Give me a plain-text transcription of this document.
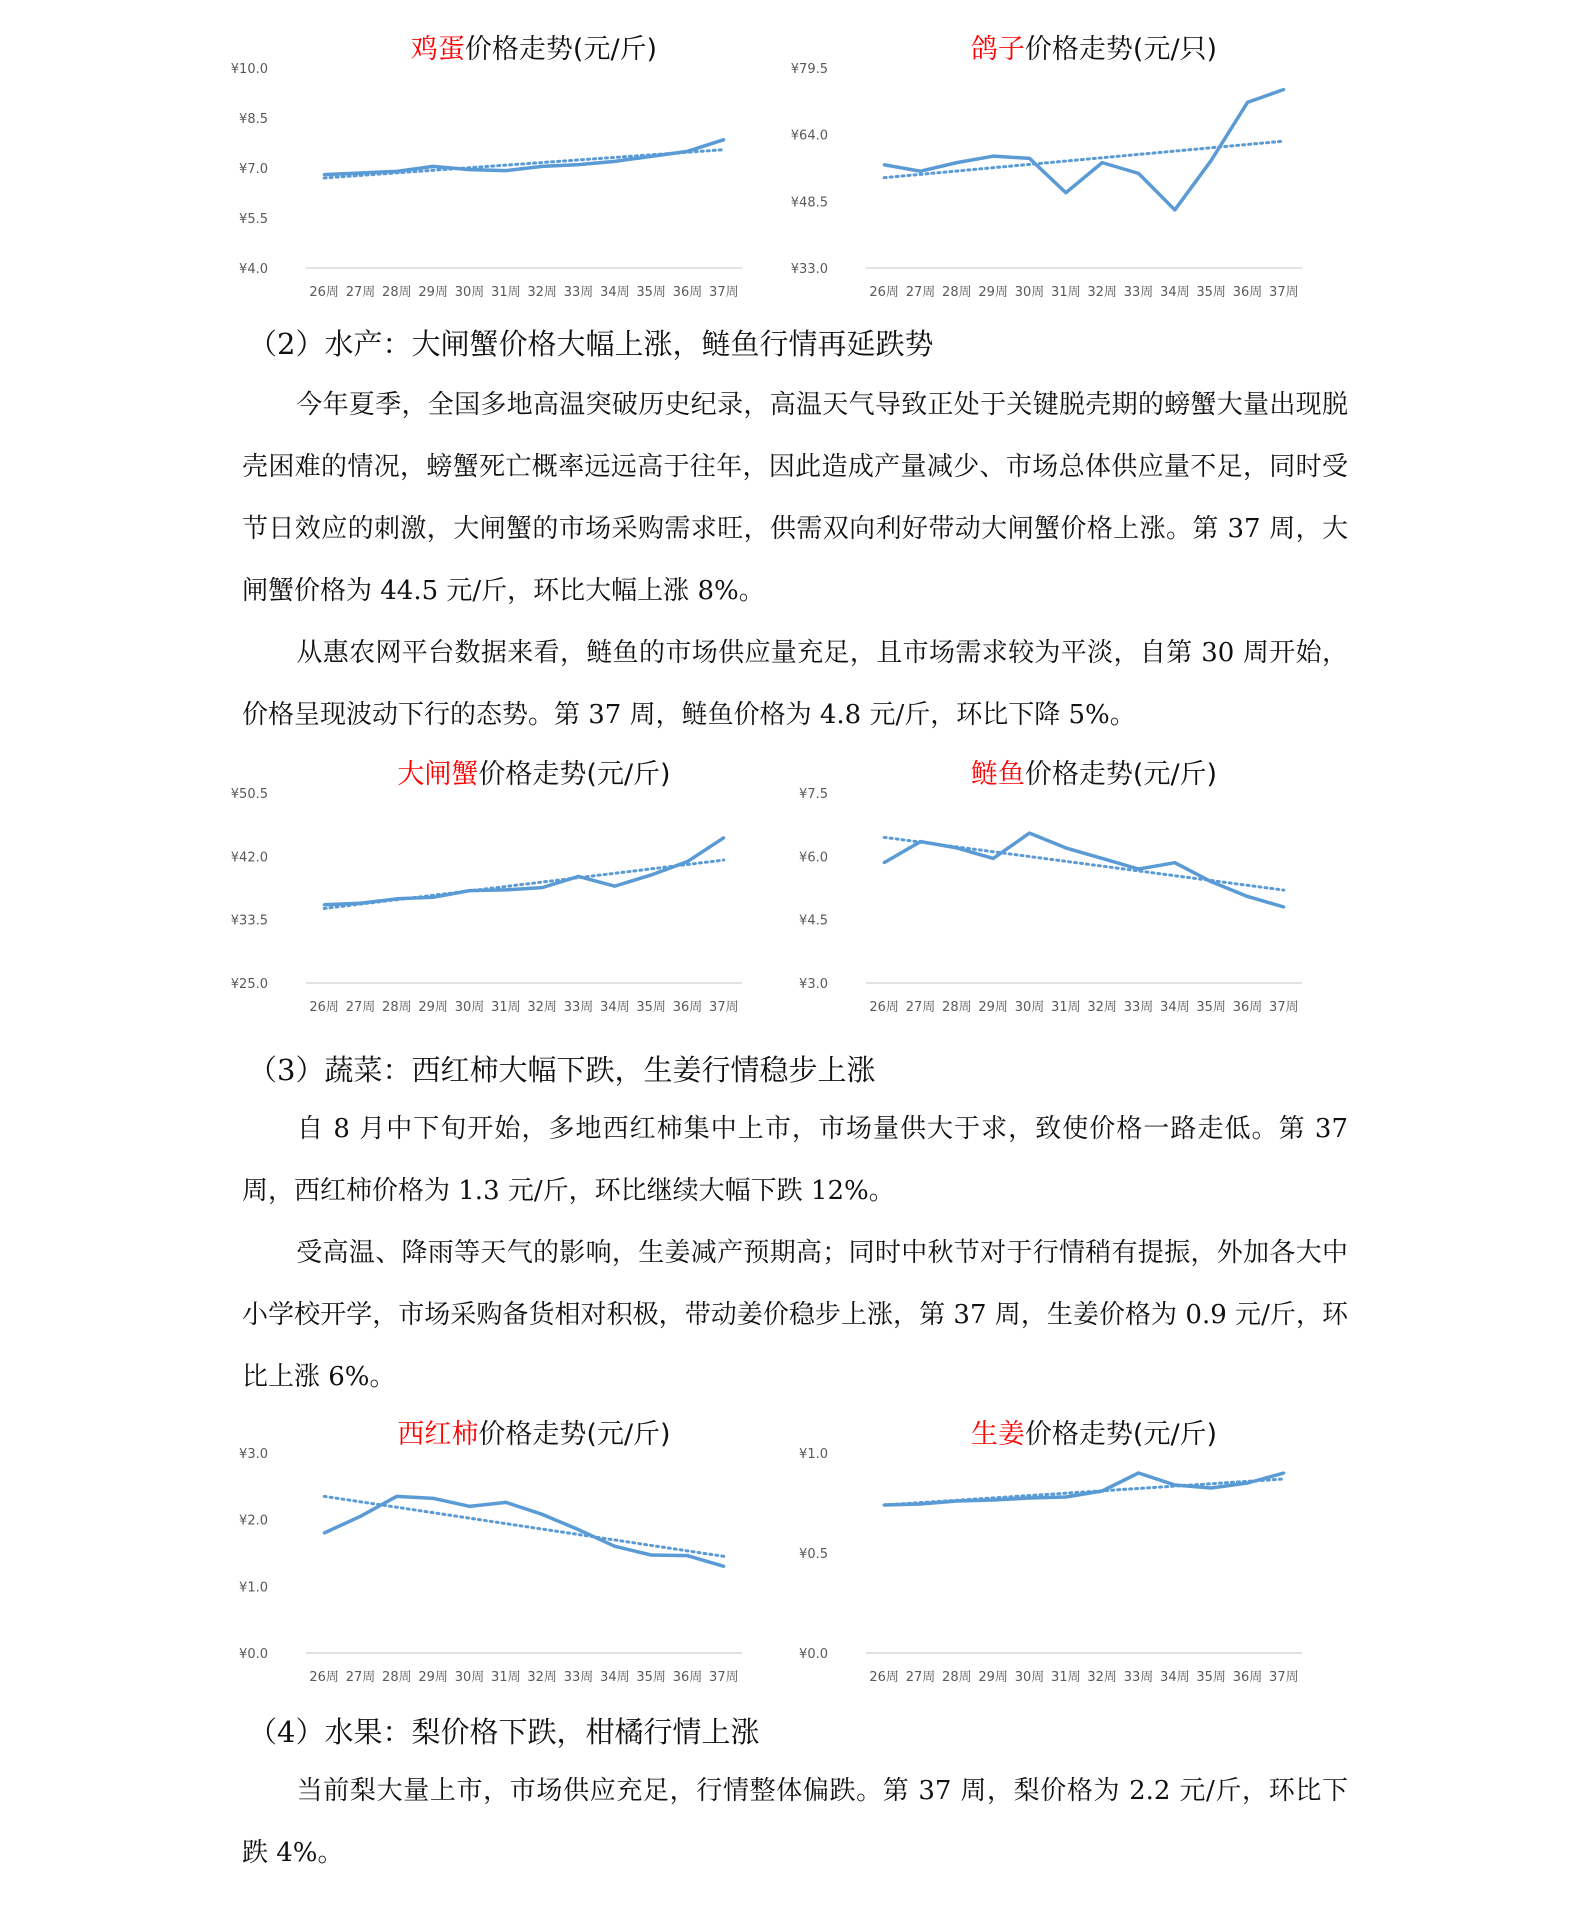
鸡蛋价格走势(元/斤)
¥10.0
¥8.5
¥7.0
¥5.5
¥4.0
26周 27周 28周 29周 30周 31周 32周 33周 34周 35周 36周 37周
鸽子价格走势(元/只)
¥79.5
¥64.0
¥48.5
¥33.0
26周 27周 28周 29周 30周 31周 32周 33周 34周 35周 36周 37周
（2）水产：大闸蟹价格大幅上涨，鲢鱼行情再延跌势

今年夏季，全国多地高温突破历史纪录，高温天气导致正处于关键脱壳期的螃蟹大量出现脱壳困难的情况，螃蟹死亡概率远远高于往年，因此造成产量减少、市场总体供应量不足，同时受节日效应的刺激，大闸蟹的市场采购需求旺，供需双向利好带动大闸蟹价格上涨。第 37 周，大闸蟹价格为 44.5 元/斤，环比大幅上涨 8%。

从惠农网平台数据来看，鲢鱼的市场供应量充足，且市场需求较为平淡，自第 30 周开始，价格呈现波动下行的态势。第 37 周，鲢鱼价格为 4.8 元/斤，环比下降 5%。

大闸蟹价格走势(元/斤)
¥50.5
¥42.0
¥33.5
¥25.0
26周 27周 28周 29周 30周 31周 32周 33周 34周 35周 36周 37周
鲢鱼价格走势(元/斤)
¥7.5
¥6.0
¥4.5
¥3.0
26周 27周 28周 29周 30周 31周 32周 33周 34周 35周 36周 37周
（3）蔬菜：西红柿大幅下跌，生姜行情稳步上涨

自 8 月中下旬开始，多地西红柿集中上市，市场量供大于求，致使价格一路走低。第 37 周，西红柿价格为 1.3 元/斤，环比继续大幅下跌 12%。

受高温、降雨等天气的影响，生姜减产预期高；同时中秋节对于行情稍有提振，外加各大中小学校开学，市场采购备货相对积极，带动姜价稳步上涨，第 37 周，生姜价格为 0.9 元/斤，环比上涨 6%。

西红柿价格走势(元/斤)
¥3.0
¥2.0
¥1.0
¥0.0
26周 27周 28周 29周 30周 31周 32周 33周 34周 35周 36周 37周
生姜价格走势(元/斤)
¥1.0
¥0.5
¥0.0
26周 27周 28周 29周 30周 31周 32周 33周 34周 35周 36周 37周
（4）水果：梨价格下跌，柑橘行情上涨

当前梨大量上市，市场供应充足，行情整体偏跌。第 37 周，梨价格为 2.2 元/斤，环比下跌 4%。
